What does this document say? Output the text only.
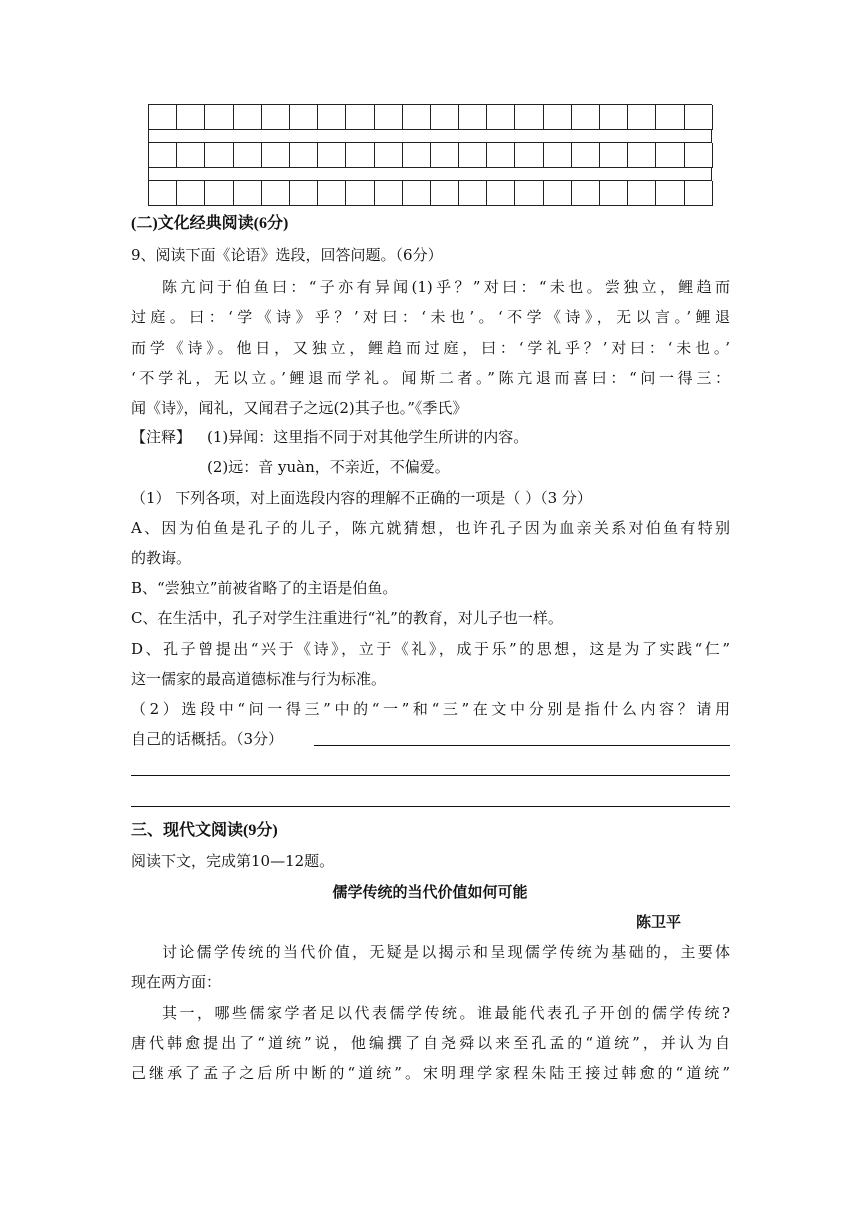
(二)文化经典阅读(6分)
9、阅读下面《论语》选段，回答问题。（6分）
陈亢问于伯鱼曰：“子亦有异闻(1)乎？”对曰：“未也。尝独立，鲤趋而
过庭。曰：‘学《诗》乎？’对曰：‘未也’。‘不学《诗》，无以言。’鲤退
而学《诗》。他日，又独立，鲤趋而过庭，曰：‘学礼乎？’对曰：‘未也。’
‘不学礼，无以立。’鲤退而学礼。闻斯二者。”陈亢退而喜曰：“问一得三：
闻《诗》，闻礼，又闻君子之远(2)其子也。”《季氏》
【注释】 (1)异闻：这里指不同于对其他学生所讲的内容。
(2)远：音 yuàn，不亲近，不偏爱。
（1） 下列各项，对上面选段内容的理解不正确的一项是（ ）（3 分）
A、因为伯鱼是孔子的儿子，陈亢就猜想，也许孔子因为血亲关系对伯鱼有特别
的教诲。
B、“尝独立”前被省略了的主语是伯鱼。
C、在生活中，孔子对学生注重进行“礼”的教育，对儿子也一样。
D、孔子曾提出“兴于《诗》，立于《礼》，成于乐”的思想，这是为了实践“仁”
这一儒家的最高道德标准与行为标准。
（2）选段中“问一得三”中的“一”和“三”在文中分别是指什么内容？请用
自己的话概括。（3分）
三、现代文阅读(9分)
阅读下文，完成第10—12题。
儒学传统的当代价值如何可能
陈卫平
讨论儒学传统的当代价值，无疑是以揭示和呈现儒学传统为基础的，主要体
现在两方面：
其一，哪些儒家学者足以代表儒学传统。谁最能代表孔子开创的儒学传统?
唐代韩愈提出了“道统”说，他编撰了自尧舜以来至孔孟的“道统”，并认为自
己继承了孟子之后所中断的“道统”。宋明理学家程朱陆王接过韩愈的“道统”
